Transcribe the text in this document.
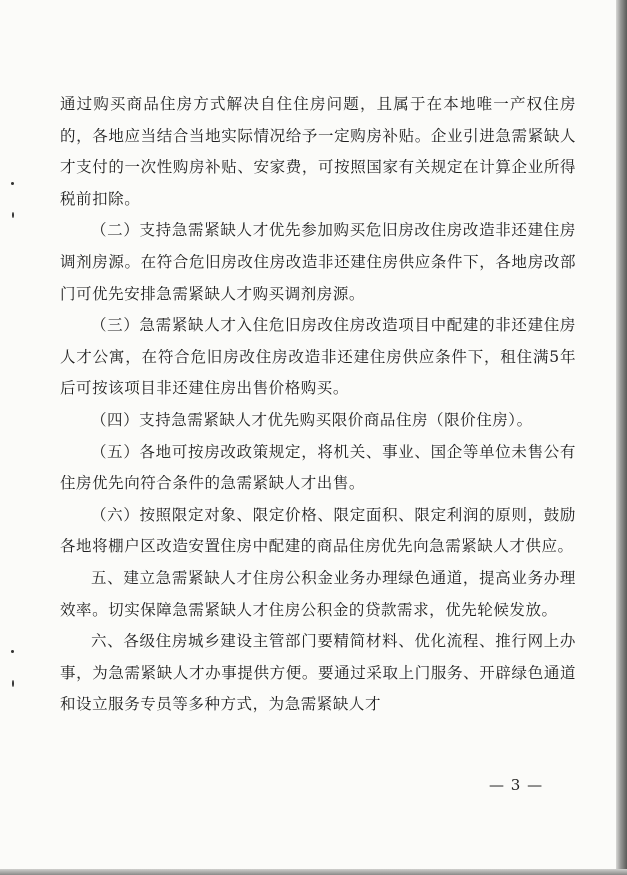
通过购买商品住房方式解决自住住房问题，且属于在本地唯一产权住房的，各地应当结合当地实际情况给予一定购房补贴。企业引进急需紧缺人才支付的一次性购房补贴、安家费，可按照国家有关规定在计算企业所得税前扣除。

（二）支持急需紧缺人才优先参加购买危旧房改住房改造非还建住房调剂房源。在符合危旧房改住房改造非还建住房供应条件下，各地房改部门可优先安排急需紧缺人才购买调剂房源。

（三）急需紧缺人才入住危旧房改住房改造项目中配建的非还建住房人才公寓，在符合危旧房改住房改造非还建住房供应条件下，租住满5年后可按该项目非还建住房出售价格购买。

（四）支持急需紧缺人才优先购买限价商品住房（限价住房）。

（五）各地可按房改政策规定，将机关、事业、国企等单位未售公有住房优先向符合条件的急需紧缺人才出售。

（六）按照限定对象、限定价格、限定面积、限定利润的原则，鼓励各地将棚户区改造安置住房中配建的商品住房优先向急需紧缺人才供应。

五、建立急需紧缺人才住房公积金业务办理绿色通道，提高业务办理效率。切实保障急需紧缺人才住房公积金的贷款需求，优先轮候发放。

六、各级住房城乡建设主管部门要精简材料、优化流程、推行网上办事，为急需紧缺人才办事提供方便。要通过采取上门服务、开辟绿色通道和设立服务专员等多种方式，为急需紧缺人才

— 3 —
